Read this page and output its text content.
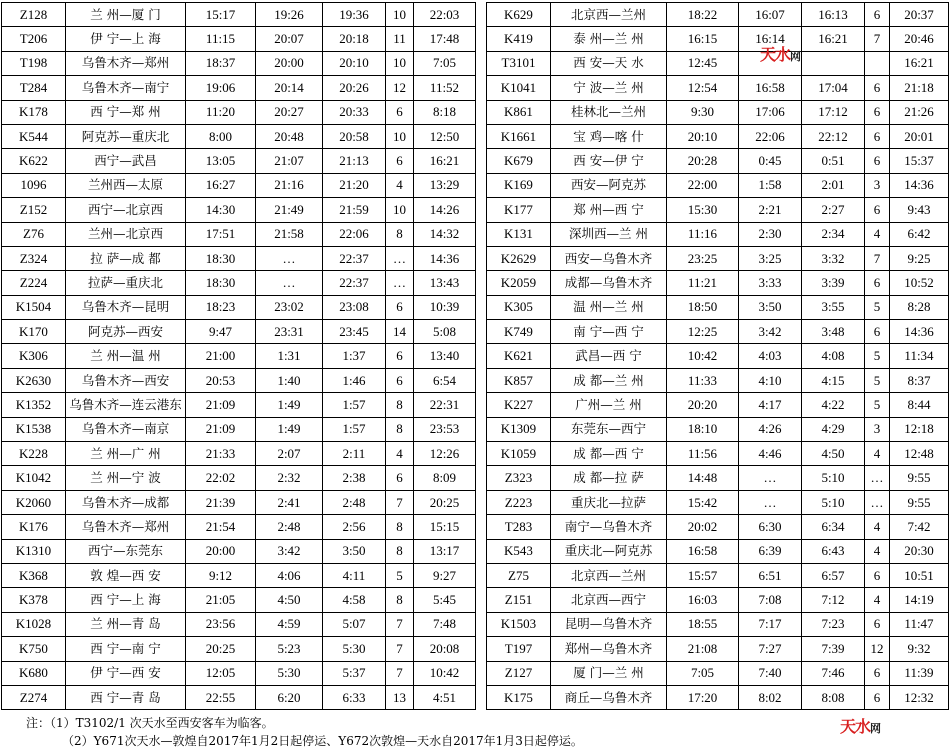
Z128	兰 州—厦 门	15:17	19:26	19:36	10	22:03
T206	伊 宁—上 海	11:15	20:07	20:18	11	17:48
T198	乌鲁木齐—郑州	18:37	20:00	20:10	10	7:05
T284	乌鲁木齐—南宁	19:06	20:14	20:26	12	11:52
K178	西 宁—郑 州	11:20	20:27	20:33	6	8:18
K544	阿克苏—重庆北	8:00	20:48	20:58	10	12:50
K622	西宁—武昌	13:05	21:07	21:13	6	16:21
1096	兰州西—太原	16:27	21:16	21:20	4	13:29
Z152	西宁—北京西	14:30	21:49	21:59	10	14:26
Z76	兰州—北京西	17:51	21:58	22:06	8	14:32
Z324	拉 萨—成 都	18:30	…	22:37	…	14:36
Z224	拉萨—重庆北	18:30	…	22:37	…	13:43
K1504	乌鲁木齐—昆明	18:23	23:02	23:08	6	10:39
K170	阿克苏—西安	9:47	23:31	23:45	14	5:08
K306	兰 州—温 州	21:00	1:31	1:37	6	13:40
K2630	乌鲁木齐—西安	20:53	1:40	1:46	6	6:54
K1352	乌鲁木齐—连云港东	21:09	1:49	1:57	8	22:31
K1538	乌鲁木齐—南京	21:09	1:49	1:57	8	23:53
K228	兰 州—广 州	21:33	2:07	2:11	4	12:26
K1042	兰 州—宁 波	22:02	2:32	2:38	6	8:09
K2060	乌鲁木齐—成都	21:39	2:41	2:48	7	20:25
K176	乌鲁木齐—郑州	21:54	2:48	2:56	8	15:15
K1310	西宁—东莞东	20:00	3:42	3:50	8	13:17
K368	敦 煌—西 安	9:12	4:06	4:11	5	9:27
K378	西 宁—上 海	21:05	4:50	4:58	8	5:45
K1028	兰 州—青 岛	23:56	4:59	5:07	7	7:48
K750	西 宁—南 宁	20:25	5:23	5:30	7	20:08
K680	伊 宁—西 安	12:05	5:30	5:37	7	10:42
Z274	西 宁—青 岛	22:55	6:20	6:33	13	4:51
K629	北京西—兰州	18:22	16:07	16:13	6	20:37
K419	泰 州—兰 州	16:15	16:14	16:21	7	20:46
T3101	西 安—天 水	12:45				16:21
K1041	宁 波—兰 州	12:54	16:58	17:04	6	21:18
K861	桂林北—兰州	9:30	17:06	17:12	6	21:26
K1661	宝 鸡—喀 什	20:10	22:06	22:12	6	20:01
K679	西 安—伊 宁	20:28	0:45	0:51	6	15:37
K169	西安—阿克苏	22:00	1:58	2:01	3	14:36
K177	郑 州—西 宁	15:30	2:21	2:27	6	9:43
K131	深圳西—兰 州	11:16	2:30	2:34	4	6:42
K2629	西安—乌鲁木齐	23:25	3:25	3:32	7	9:25
K2059	成都—乌鲁木齐	11:21	3:33	3:39	6	10:52
K305	温 州—兰 州	18:50	3:50	3:55	5	8:28
K749	南 宁—西 宁	12:25	3:42	3:48	6	14:36
K621	武昌—西 宁	10:42	4:03	4:08	5	11:34
K857	成 都—兰 州	11:33	4:10	4:15	5	8:37
K227	广州—兰 州	20:20	4:17	4:22	5	8:44
K1309	东莞东—西宁	18:10	4:26	4:29	3	12:18
K1059	成 都—西 宁	11:56	4:46	4:50	4	12:48
Z323	成 都—拉 萨	14:48	…	5:10	…	9:55
Z223	重庆北—拉萨	15:42	…	5:10	…	9:55
T283	南宁—乌鲁木齐	20:02	6:30	6:34	4	7:42
K543	重庆北—阿克苏	16:58	6:39	6:43	4	20:30
Z75	北京西—兰州	15:57	6:51	6:57	6	10:51
Z151	北京西—西宁	16:03	7:08	7:12	4	14:19
K1503	昆明—乌鲁木齐	18:55	7:17	7:23	6	11:47
T197	郑州—乌鲁木齐	21:08	7:27	7:39	12	9:32
Z127	厦 门—兰 州	7:05	7:40	7:46	6	11:39
K175	商丘—乌鲁木齐	17:20	8:02	8:08	6	12:32
天水网
天水网
注：（1）T3102/1 次天水至西安客车为临客。
（2）Y671次天水—敦煌自2017年1月2日起停运、Y672次敦煌—天水自2017年1月3日起停运。
